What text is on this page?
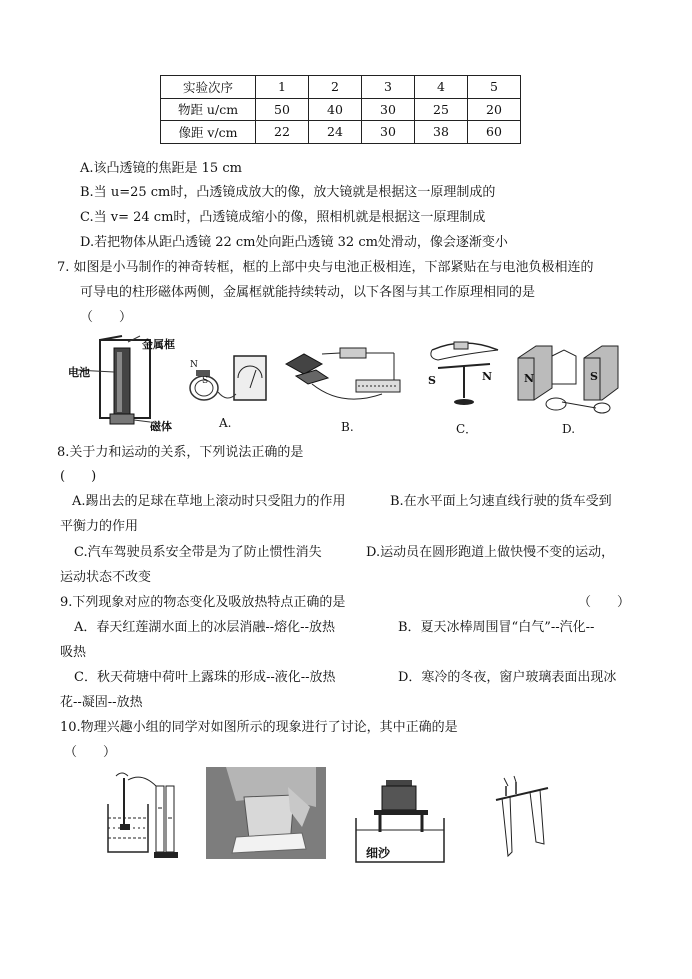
实验次序	1	2	3	4	5
物距 u/cm	50	40	30	25	20
像距 v/cm	22	24	30	38	60
A.该凸透镜的焦距是 15 cm
B.当 u=25 cm时，凸透镜成放大的像，放大镜就是根据这一原理制成的
C.当 v= 24 cm时，凸透镜成缩小的像，照相机就是根据这一原理制成
D.若把物体从距凸透镜 22 cm处向距凸透镜 32 cm处滑动，像会逐渐变小
7. 如图是小马制作的神奇转框，框的上部中央与电池正极相连，下部紧贴在与电池负极相连的
可导电的柱形磁体两侧，金属框就能持续转动，以下各图与其工作原理相同的是
（　　）
金属框
电池
磁体
N
S
A.	B.
S	N
C．
N	S
D.
8.关于力和运动的关系，下列说法正确的是
(　　)
A.踢出去的足球在草地上滚动时只受阻力的作用	B.在水平面上匀速直线行驶的货车受到
平衡力的作用
C.汽车驾驶员系安全带是为了防止惯性消失	D.运动员在圆形跑道上做快慢不变的运动，
运动状态不改变
9.下列现象对应的物态变化及吸放热特点正确的是	（　　）
A．春天红莲湖水面上的冰层消融--熔化--放热	B．夏天冰棒周围冒“白气”--汽化--
吸热
C．秋天荷塘中荷叶上露珠的形成--液化--放热	D．寒冷的冬夜，窗户玻璃表面出现冰
花--凝固--放热
10.物理兴趣小组的同学对如图所示的现象进行了讨论，其中正确的是
（　　）
细沙
